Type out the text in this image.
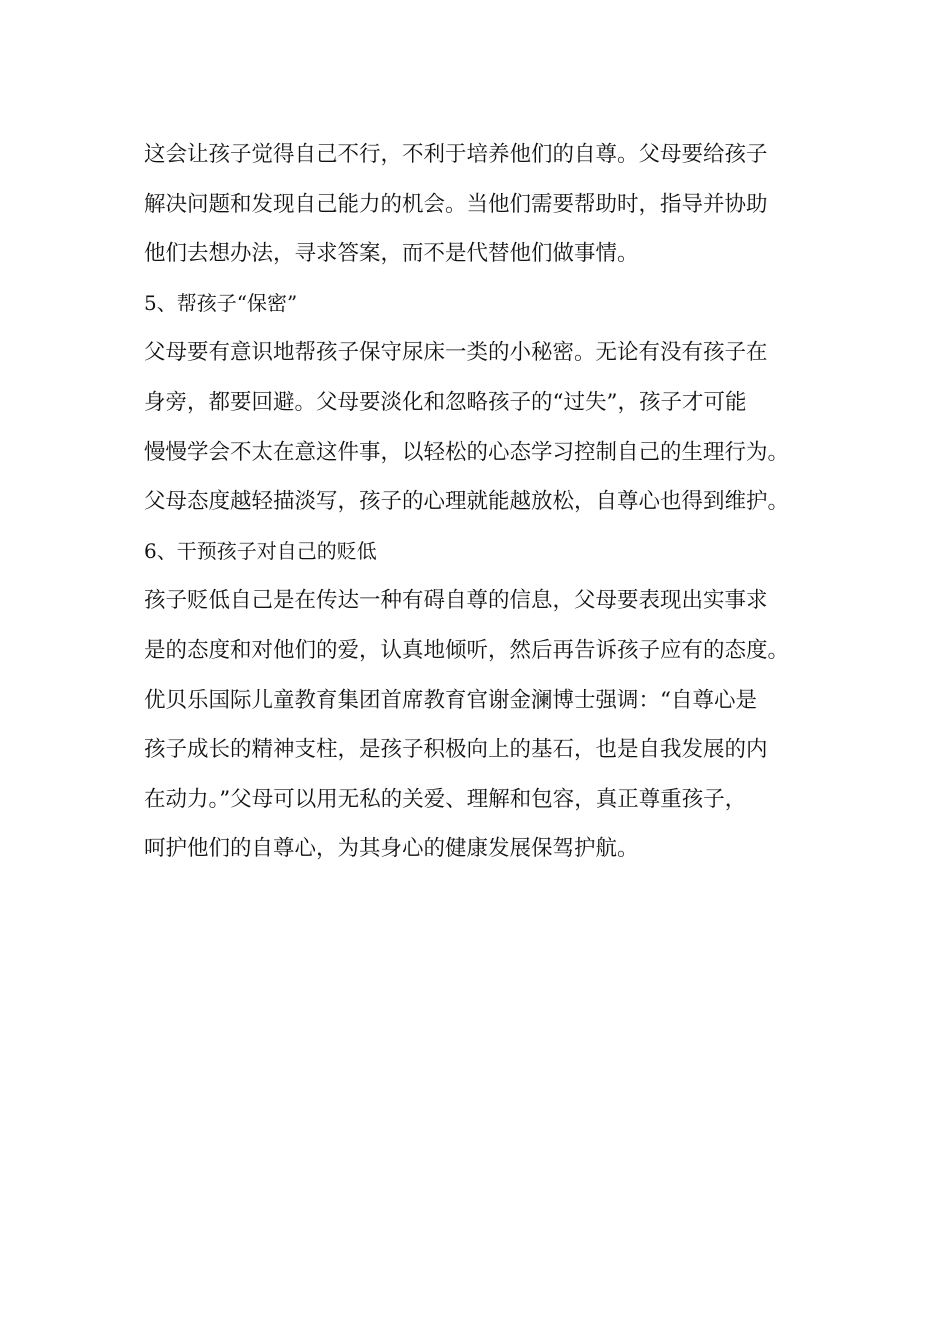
这会让孩子觉得自己不行，不利于培养他们的自尊。父母要给孩子
解决问题和发现自己能力的机会。当他们需要帮助时，指导并协助
他们去想办法，寻求答案，而不是代替他们做事情。
5、帮孩子“保密”
父母要有意识地帮孩子保守尿床一类的小秘密。无论有没有孩子在
身旁，都要回避。父母要淡化和忽略孩子的“过失”，孩子才可能
慢慢学会不太在意这件事，以轻松的心态学习控制自己的生理行为。
父母态度越轻描淡写，孩子的心理就能越放松，自尊心也得到维护。
6、干预孩子对自己的贬低
孩子贬低自己是在传达一种有碍自尊的信息，父母要表现出实事求
是的态度和对他们的爱，认真地倾听，然后再告诉孩子应有的态度。
优贝乐国际儿童教育集团首席教育官谢金澜博士强调：“自尊心是
孩子成长的精神支柱，是孩子积极向上的基石，也是自我发展的内
在动力。”父母可以用无私的关爱、理解和包容，真正尊重孩子，
呵护他们的自尊心，为其身心的健康发展保驾护航。
